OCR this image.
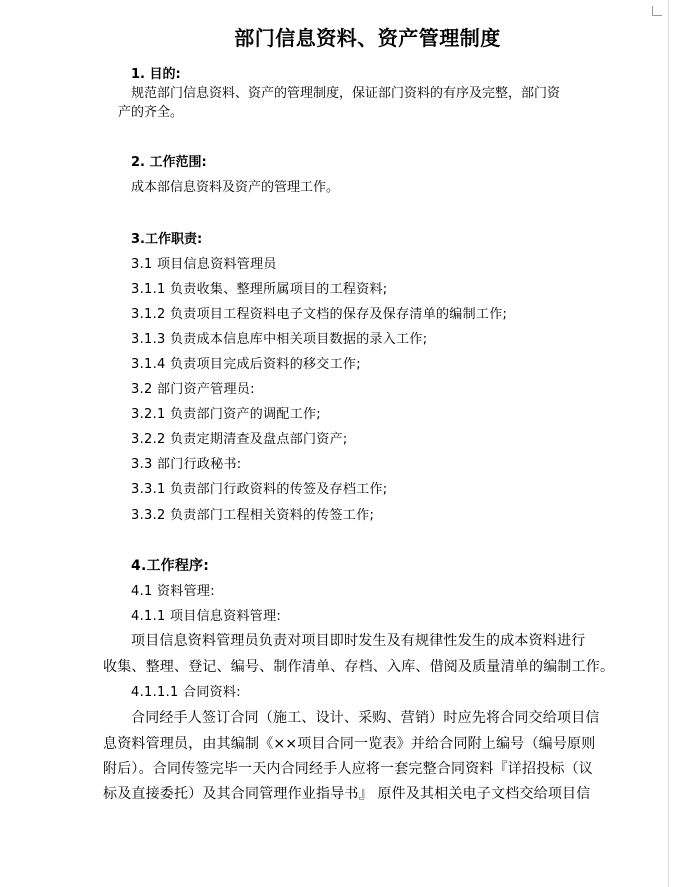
部门信息资料、资产管理制度
1. 目的:
规范部门信息资料、资产的管理制度，保证部门资料的有序及完整，部门资
产的齐全。
2. 工作范围:
成本部信息资料及资产的管理工作。
3.工作职责:
3.1 项目信息资料管理员
3.1.1 负责收集、整理所属项目的工程资料;
3.1.2 负责项目工程资料电子文档的保存及保存清单的编制工作;
3.1.3 负责成本信息库中相关项目数据的录入工作;
3.1.4 负责项目完成后资料的移交工作;
3.2 部门资产管理员:
3.2.1 负责部门资产的调配工作;
3.2.2 负责定期清查及盘点部门资产;
3.3 部门行政秘书:
3.3.1 负责部门行政资料的传签及存档工作;
3.3.2 负责部门工程相关资料的传签工作;
4.工作程序:
4.1 资料管理:
4.1.1 项目信息资料管理:
项目信息资料管理员负责对项目即时发生及有规律性发生的成本资料进行
收集、整理、登记、编号、制作清单、存档、入库、借阅及质量清单的编制工作。
4.1.1.1 合同资料:
合同经手人签订合同（施工、设计、采购、营销）时应先将合同交给项目信
息资料管理员，由其编制《××项目合同一览表》并给合同附上编号（编号原则
附后）。合同传签完毕一天内合同经手人应将一套完整合同资料『详招投标（议
标及直接委托）及其合同管理作业指导书』 原件及其相关电子文档交给项目信
